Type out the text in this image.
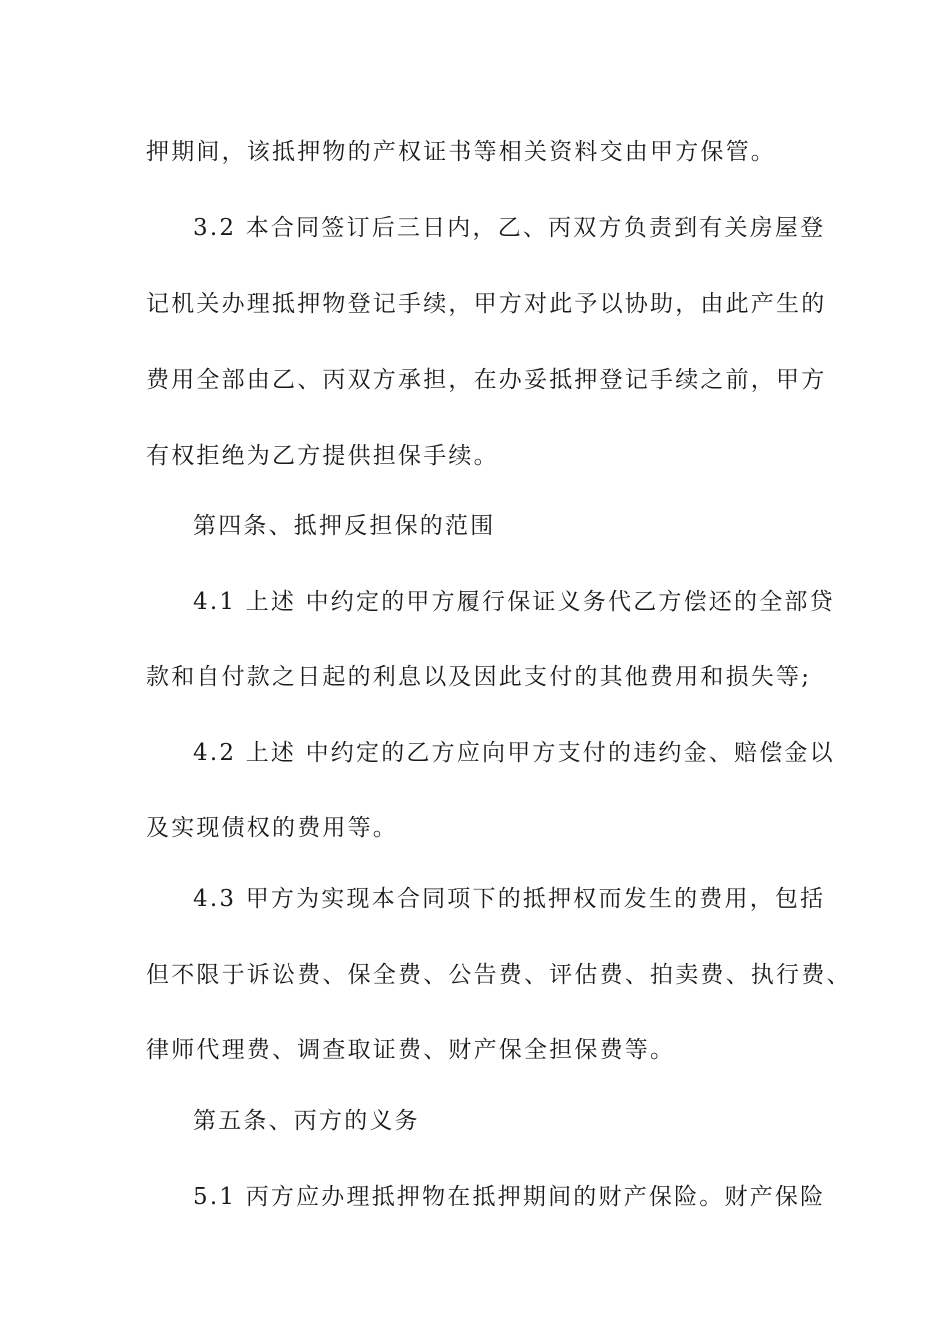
押期间，该抵押物的产权证书等相关资料交由甲方保管。
3.2 本合同签订后三日内，乙、丙双方负责到有关房屋登
记机关办理抵押物登记手续，甲方对此予以协助，由此产生的
费用全部由乙、丙双方承担，在办妥抵押登记手续之前，甲方
有权拒绝为乙方提供担保手续。
第四条、抵押反担保的范围
4.1 上述 中约定的甲方履行保证义务代乙方偿还的全部贷
款和自付款之日起的利息以及因此支付的其他费用和损失等;
4.2 上述 中约定的乙方应向甲方支付的违约金、赔偿金以
及实现债权的费用等。
4.3 甲方为实现本合同项下的抵押权而发生的费用，包括
但不限于诉讼费、保全费、公告费、评估费、拍卖费、执行费、
律师代理费、调查取证费、财产保全担保费等。
第五条、丙方的义务
5.1 丙方应办理抵押物在抵押期间的财产保险。财产保险
